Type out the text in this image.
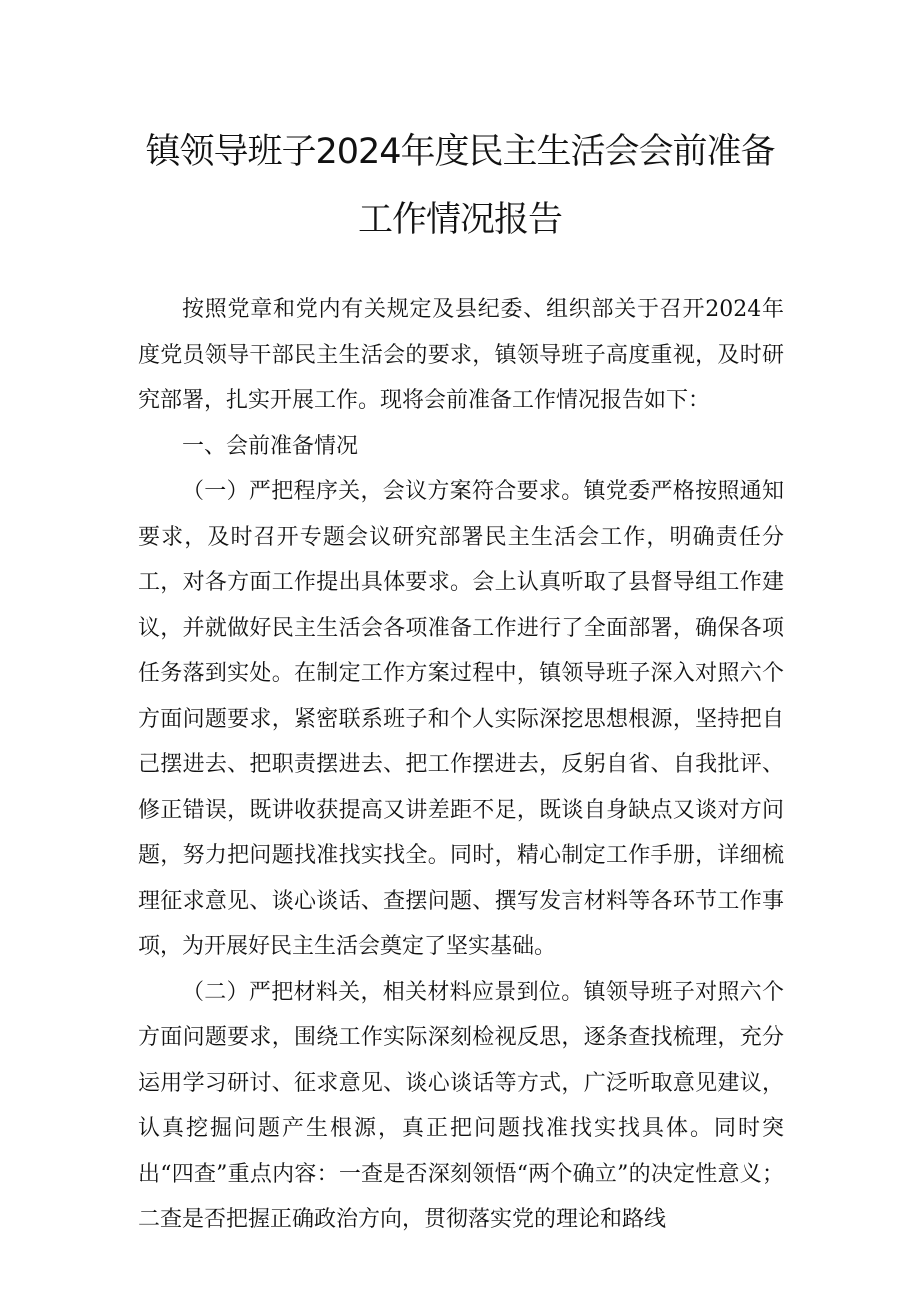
镇领导班子2024年度民主生活会会前准备
工作情况报告

按照党章和党内有关规定及县纪委、组织部关于召开2024年度党员领导干部民主生活会的要求，镇领导班子高度重视，及时研究部署，扎实开展工作。现将会前准备工作情况报告如下：

一、会前准备情况

（一）严把程序关，会议方案符合要求。镇党委严格按照通知要求，及时召开专题会议研究部署民主生活会工作，明确责任分工，对各方面工作提出具体要求。会上认真听取了县督导组工作建议，并就做好民主生活会各项准备工作进行了全面部署，确保各项任务落到实处。在制定工作方案过程中，镇领导班子深入对照六个方面问题要求，紧密联系班子和个人实际深挖思想根源，坚持把自己摆进去、把职责摆进去、把工作摆进去，反躬自省、自我批评、修正错误，既讲收获提高又讲差距不足，既谈自身缺点又谈对方问题，努力把问题找准找实找全。同时，精心制定工作手册，详细梳理征求意见、谈心谈话、查摆问题、撰写发言材料等各环节工作事项，为开展好民主生活会奠定了坚实基础。

（二）严把材料关，相关材料应景到位。镇领导班子对照六个方面问题要求，围绕工作实际深刻检视反思，逐条查找梳理，充分运用学习研讨、征求意见、谈心谈话等方式，广泛听取意见建议，认真挖掘问题产生根源，真正把问题找准找实找具体。同时突出“四查”重点内容：一查是否深刻领悟“两个确立”的决定性意义；二查是否把握正确政治方向，贯彻落实党的理论和路线
